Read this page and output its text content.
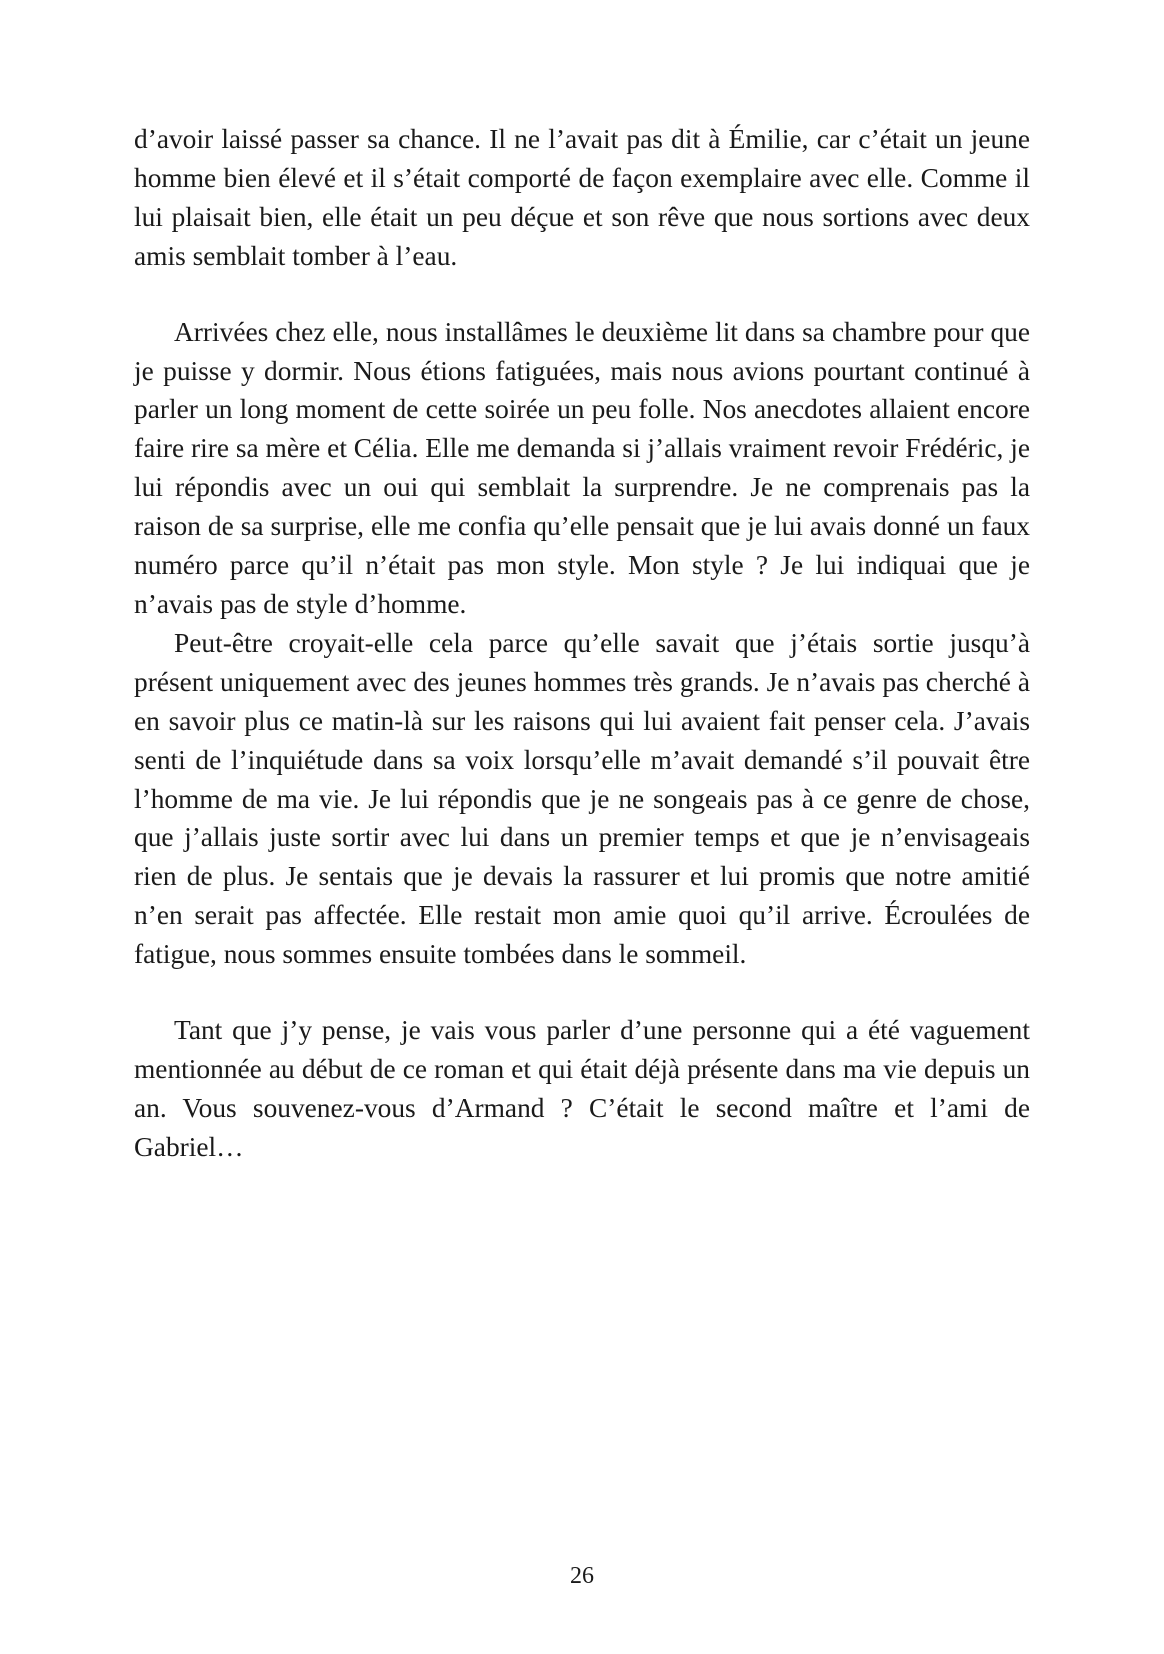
d’avoir laissé passer sa chance. Il ne l’avait pas dit à Émilie, car c’était un jeune homme bien élevé et il s’était comporté de façon exemplaire avec elle. Comme il lui plaisait bien, elle était un peu déçue et son rêve que nous sortions avec deux amis semblait tomber à l’eau.

Arrivées chez elle, nous installâmes le deuxième lit dans sa chambre pour que je puisse y dormir. Nous étions fatiguées, mais nous avions pourtant continué à parler un long moment de cette soirée un peu folle. Nos anecdotes allaient encore faire rire sa mère et Célia. Elle me demanda si j’allais vraiment revoir Frédéric, je lui répondis avec un oui qui semblait la surprendre. Je ne comprenais pas la raison de sa surprise, elle me confia qu’elle pensait que je lui avais donné un faux numéro parce qu’il n’était pas mon style. Mon style ? Je lui indiquai que je n’avais pas de style d’homme.

Peut-être croyait-elle cela parce qu’elle savait que j’étais sortie jusqu’à présent uniquement avec des jeunes hommes très grands. Je n’avais pas cherché à en savoir plus ce matin-là sur les raisons qui lui avaient fait penser cela. J’avais senti de l’inquiétude dans sa voix lorsqu’elle m’avait demandé s’il pouvait être l’homme de ma vie. Je lui répondis que je ne songeais pas à ce genre de chose, que j’allais juste sortir avec lui dans un premier temps et que je n’envisageais rien de plus. Je sentais que je devais la rassurer et lui promis que notre amitié n’en serait pas affectée. Elle restait mon amie quoi qu’il arrive. Écroulées de fatigue, nous sommes ensuite tombées dans le sommeil.

Tant que j’y pense, je vais vous parler d’une personne qui a été vaguement mentionnée au début de ce roman et qui était déjà présente dans ma vie depuis un an. Vous souvenez-vous d’Armand ? C’était le second maître et l’ami de Gabriel…

26
